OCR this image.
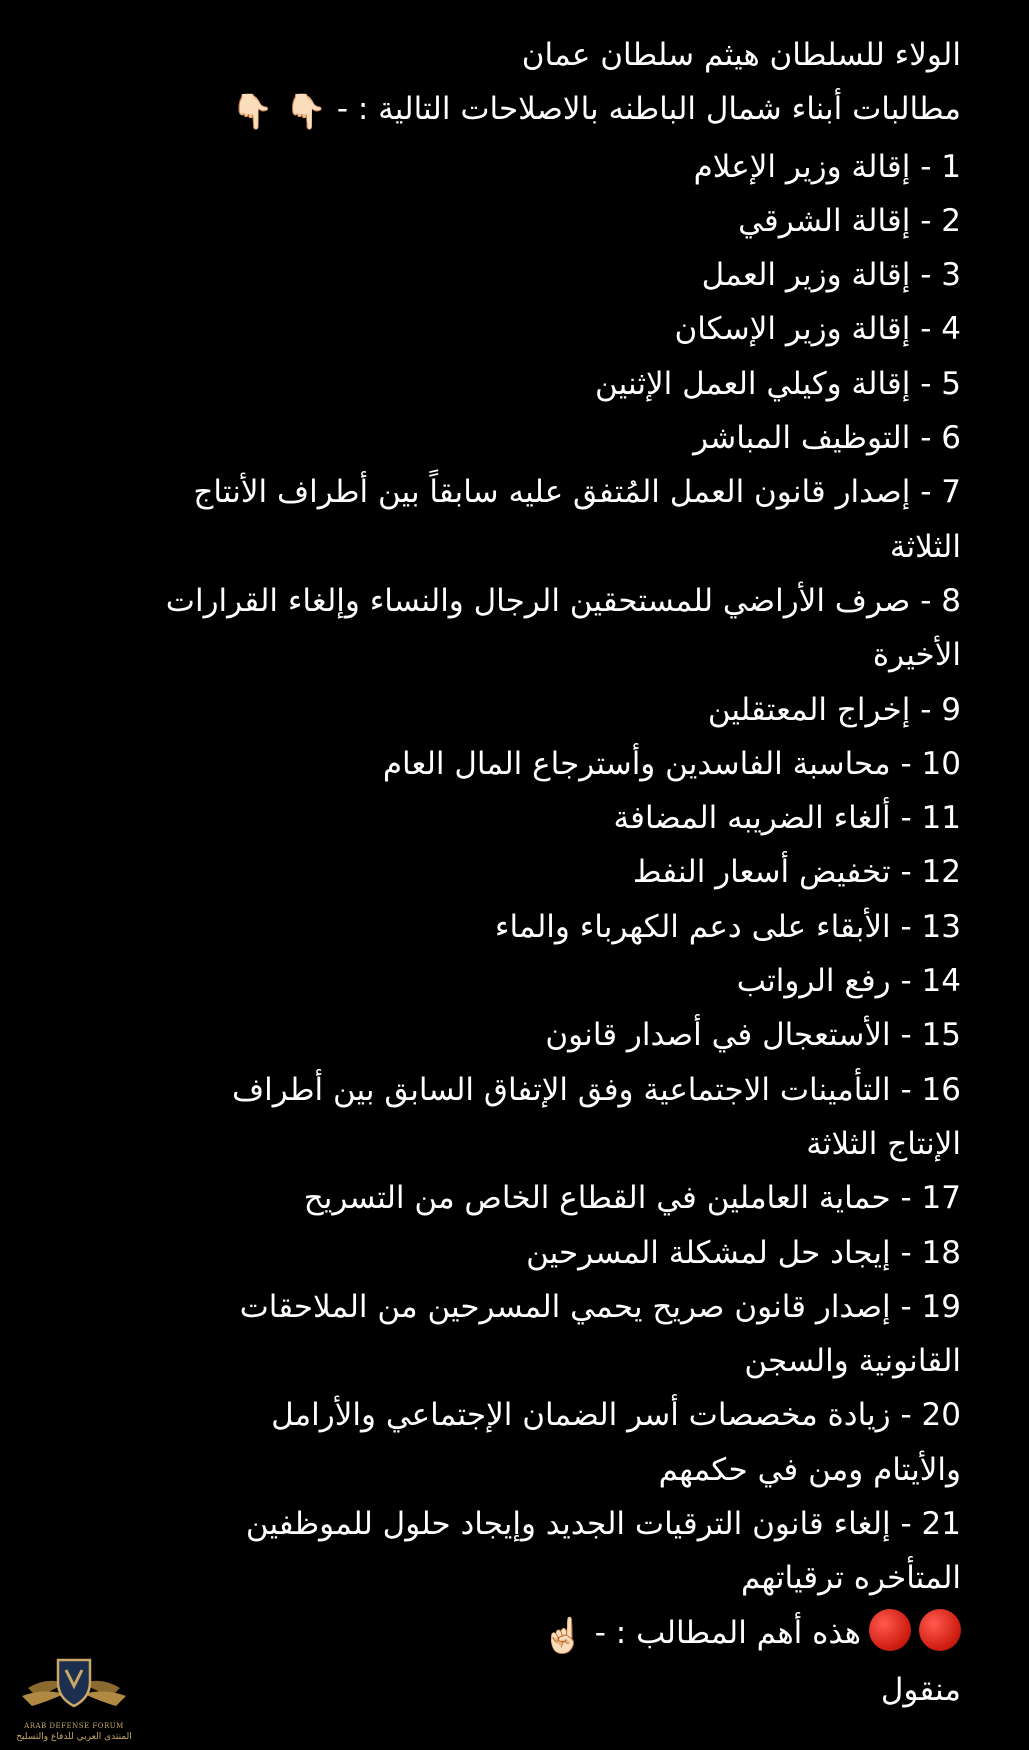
الولاء للسلطان هيثم سلطان عمان
مطالبات أبناء شمال الباطنه بالاصلاحات التالية : -👇🏻 👇🏻
1 - إقالة وزير الإعلام
2 - إقالة الشرقي
3 - إقالة وزير العمل
4 - إقالة وزير الإسكان
5 - إقالة وكيلي العمل الإثنين
6 - التوظيف المباشر
7 - إصدار قانون العمل المُتفق عليه سابقاً بين أطراف الأنتاج
الثلاثة
8 - صرف الأراضي للمستحقين الرجال والنساء وإلغاء القرارات
الأخيرة
9 - إخراج المعتقلين
10 - محاسبة الفاسدين وأسترجاع المال العام
11 - ألغاء الضريبه المضافة
12 - تخفيض أسعار النفط
13 - الأبقاء على دعم الكهرباء والماء
14 - رفع الرواتب
15 - الأستعجال في أصدار قانون
16 - التأمينات الاجتماعية وفق الإتفاق السابق بين أطراف
الإنتاج الثلاثة
17 - حماية العاملين في القطاع الخاص من التسريح
18 - إيجاد حل لمشكلة المسرحين
19 - إصدار قانون صريح يحمي المسرحين من الملاحقات
القانونية والسجن
20 - زيادة مخصصات أسر الضمان الإجتماعي والأرامل
والأيتام ومن في حكمهم
21 - إلغاء قانون الترقيات الجديد وإيجاد حلول للموظفين
المتأخره ترقياتهم
هذه أهم المطالب : -☝🏻
منقول
ARAB DEFENSE FORUM
المنتدى العربي للدفاع والتسليح
